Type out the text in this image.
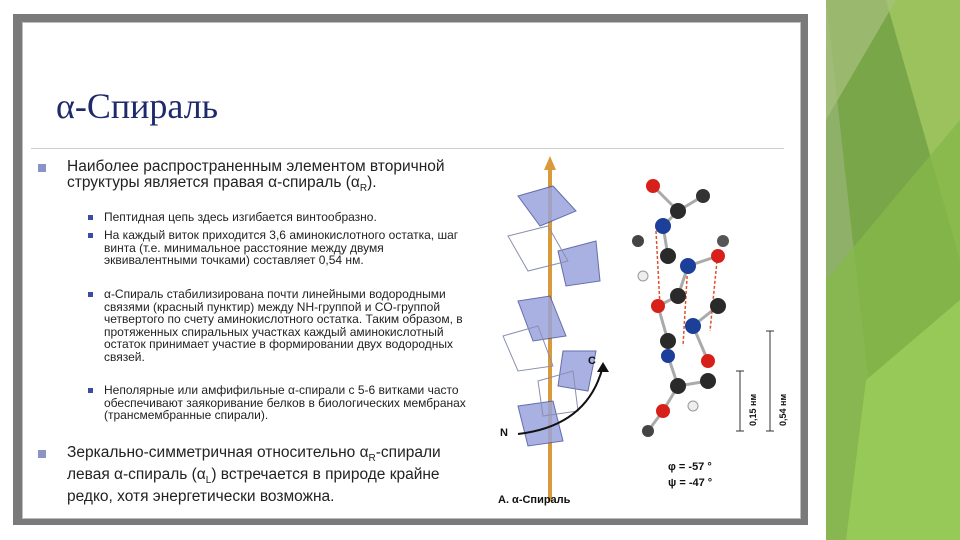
α-Спираль
Наиболее распространенным элементом вторичной структуры является правая α-спираль $(\alpha_R)$.
Пептидная цепь здесь изгибается винтообразно.
На каждый виток приходится 3,6 аминокислотного остатка, шаг винта (т.е. минимальное расстояние между двумя эквивалентными точками) составляет 0,54 нм.
α-Спираль стабилизирована почти линейными водородными связями (красный пунктир) между NH-группой и CO-группой четвертого по счету аминокислотного остатка. Таким образом, в протяженных спиральных участках каждый аминокислотный остаток принимает участие в формировании двух водородных связей.
Неполярные или амфифильные α-спирали с 5-6 витками часто обеспечивают заякоривание белков в биологических мембранах (трансмембранные спирали).
Зеркально-симметричная относительно $\alpha_R$-спирали левая α-спираль $(\alpha_L)$ встречается в природе крайне редко, хотя энергетически возможна.
C
N
0,15 нм 0,54 нм
φ = -57 °
ψ = -47 °
А. α-Спираль
